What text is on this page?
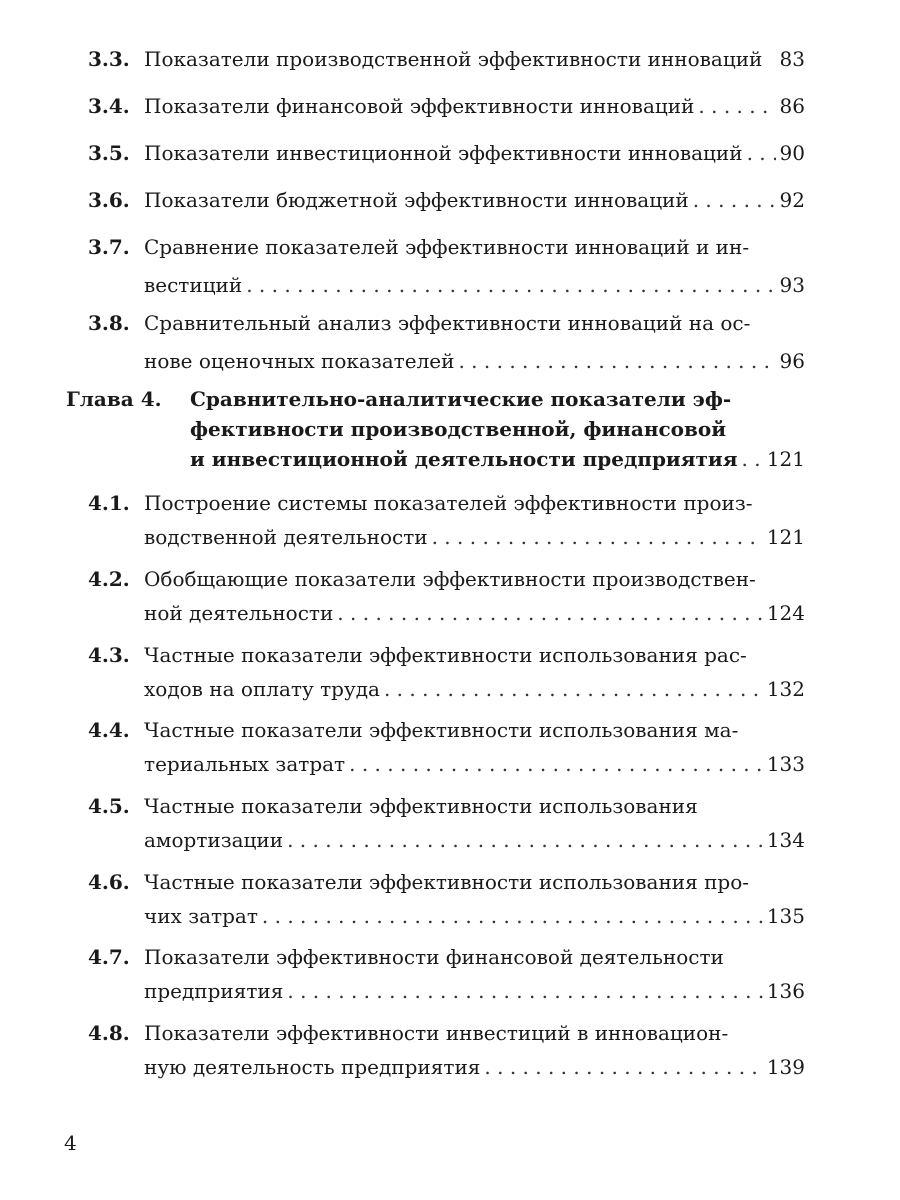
3.3. Показатели производственной эффективности инноваций 83
3.4. Показатели финансовой эффективности инноваций . . .	86
3.5. Показатели инвестиционной эффективности инноваций . . . 90
3.6. Показатели бюджетной эффективности инноваций . . .	92
3.7. Сравнение показателей эффективности инноваций и ин-
вестиций . . .	93
3.8. Сравнительный анализ эффективности инноваций на ос-
нове оценочных показателей . . .	96
Глава 4. Сравнительно-аналитические показатели эф-
фективности производственной, финансовой
и инвестиционной деятельности предприятия . . . 121
4.1. Построение системы показателей эффективности произ-
водственной деятельности . . .	121
4.2. Обобщающие показатели эффективности производствен-
ной деятельности . . .	124
4.3. Частные показатели эффективности использования рас-
ходов на оплату труда . . .	132
4.4. Частные показатели эффективности использования ма-
териальных затрат . . .	133
4.5. Частные показатели эффективности использования
амортизации . . .	134
4.6. Частные показатели эффективности использования про-
чих затрат . . .	135
4.7. Показатели эффективности финансовой деятельности
предприятия . . .	136
4.8. Показатели эффективности инвестиций в инновацион-
ную деятельность предприятия . . .	139
4
